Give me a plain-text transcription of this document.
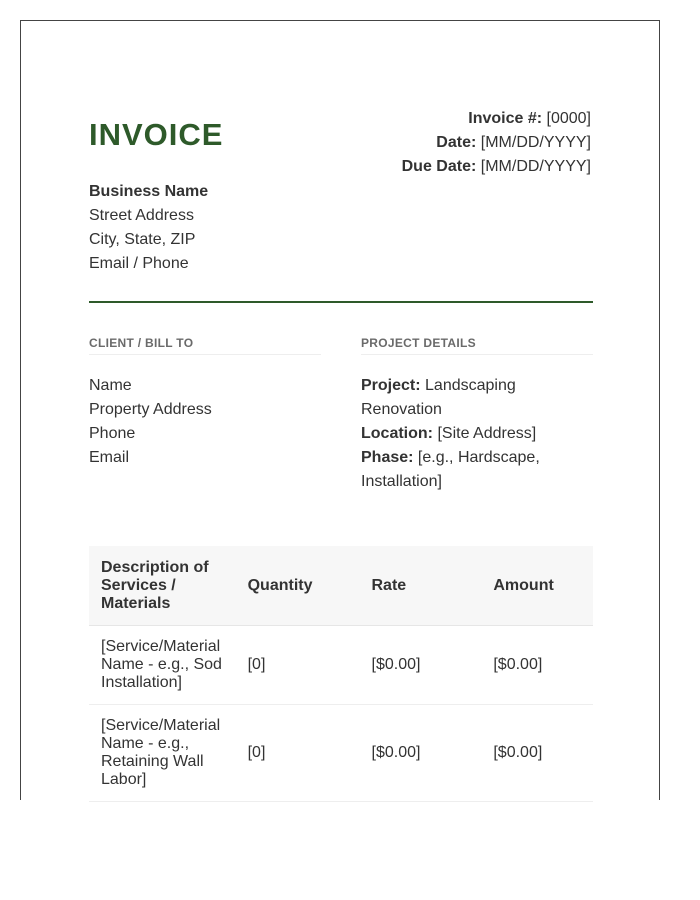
INVOICE	Invoice #: [0000]
Date: [MM/DD/YYYY]
Due Date: [MM/DD/YYYY]
Business Name
Street Address
City, State, ZIP
Email / Phone
CLIENT / BILL TO
Name
Property Address
Phone
Email
PROJECT DETAILS
Project: Landscaping Renovation
Location: [Site Address]
Phase: [e.g., Hardscape, Installation]
Description of Services / Materials	Quantity	Rate	Amount
[Service/Material Name - e.g., Sod Installation]	[0]	[$0.00]	[$0.00]
[Service/Material Name - e.g., Retaining Wall Labor]	[0]	[$0.00]	[$0.00]
